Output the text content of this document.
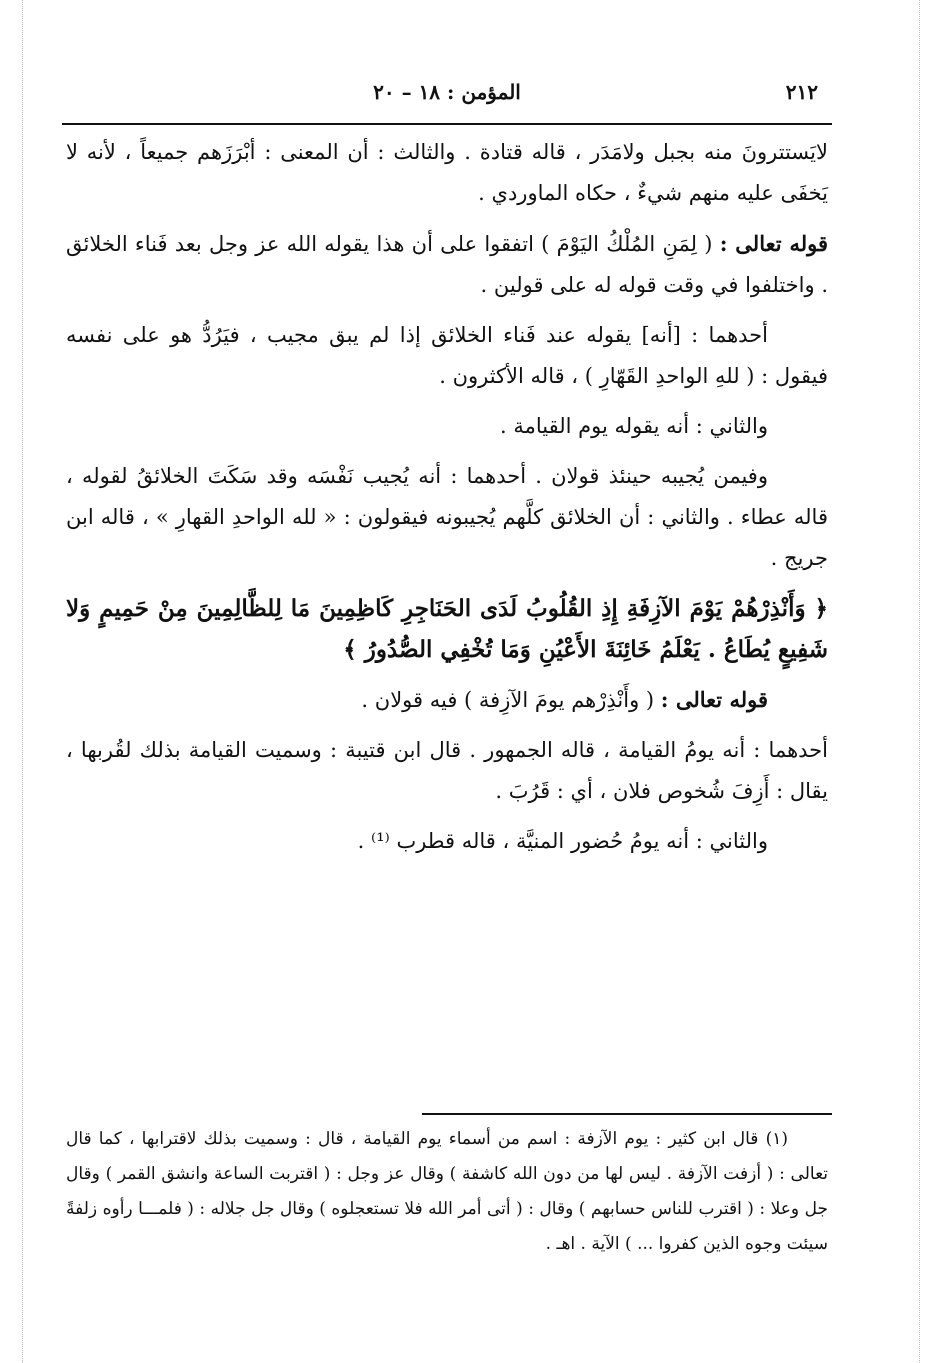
٢١٢
المؤمن : ١٨ – ٢٠

لايَستترونَ منه بجبل ولامَدَر ، قاله قتادة . والثالث : أن المعنى : أبْرَزَهم جميعاً ، لأنه لا يَخفَى عليه منهم شيءٌ ، حكاه الماوردي .

قوله تعالى : ( لِمَنِ المُلْكُ اليَوْمَ ) اتفقوا على أن هذا يقوله الله عز وجل بعد فَناء الخلائق . واختلفوا في وقت قوله له على قولين .

أحدهما : [أنه] يقوله عند فَناء الخلائق إذا لم يبق مجيب ، فيَرُدُّ هو على نفسه فيقول : ( للهِ الواحدِ القَهّارِ ) ، قاله الأكثرون .

والثاني : أنه يقوله يوم القيامة .

وفيمن يُجيبه حينئذ قولان . أحدهما : أنه يُجيب نَفْسَه وقد سَكَتَ الخلائقُ لقوله ، قاله عطاء . والثاني : أن الخلائق كلَّهم يُجيبونه فيقولون : « لله الواحدِ القهارِ » ، قاله ابن جريج .

﴿ وَأَنْذِرْهُمْ يَوْمَ الآزِفَةِ إِذِ القُلُوبُ لَدَى الحَنَاجِرِ كَاظِمِينَ مَا لِلظَّالِمِينَ مِنْ حَمِيمٍ وَلا شَفِيعٍ يُطَاعُ . يَعْلَمُ خَائِنَةَ الأَعْيُنِ وَمَا تُخْفِي الصُّدُورُ ﴾

قوله تعالى : ( وأَنْذِرْهم يومَ الآزِفة ) فيه قولان .

أحدهما : أنه يومُ القيامة ، قاله الجمهور . قال ابن قتيبة : وسميت القيامة بذلك لقُربها ، يقال : أَزِفَ شُخوص فلان ، أي : قَرُبَ .

والثاني : أنه يومُ حُضور المنيَّة ، قاله قطرب ⁽¹⁾ .

(١) قال ابن كثير : يوم الآزفة : اسم من أسماء يوم القيامة ، قال : وسميت بذلك لاقترابها ، كما قال تعالى : ( أزفت الآزفة . ليس لها من دون الله كاشفة ) وقال عز وجل : ( اقتربت الساعة وانشق القمر ) وقال جل وعلا : ( اقترب للناس حسابهم ) وقال : ( أتى أمر الله فلا تستعجلوه ) وقال جل جلاله : ( فلمـــا رأوه زلفةً سيئت وجوه الذين كفروا ... ) الآية . اهـ .
